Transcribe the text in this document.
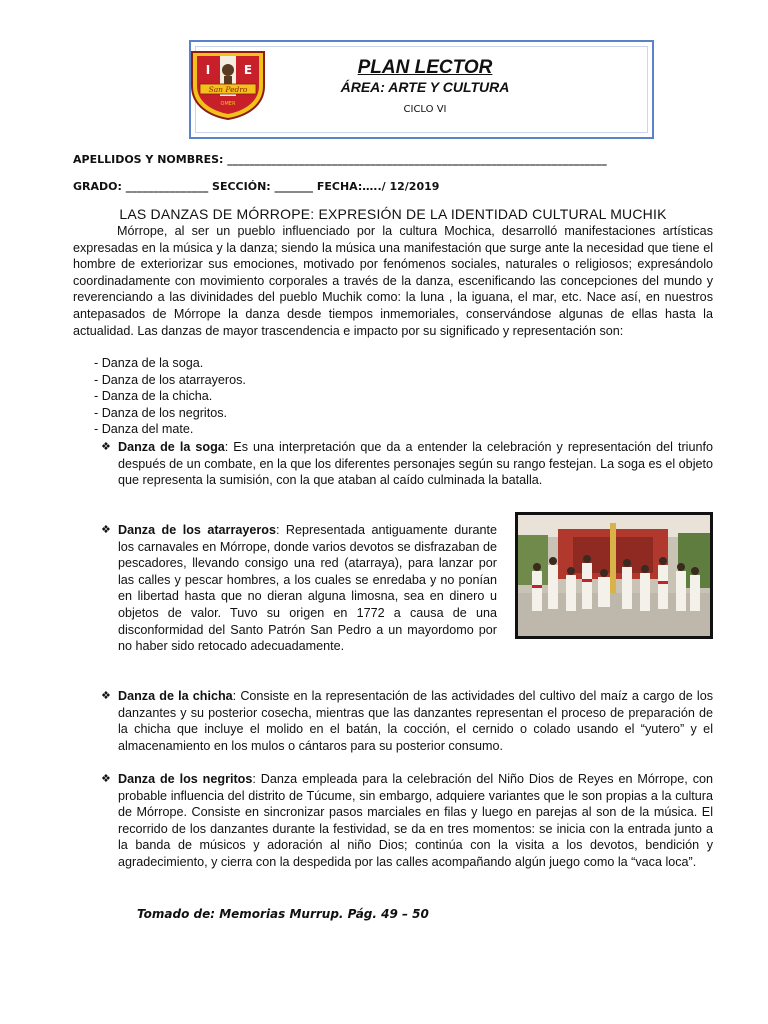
I	E
San Pedro
OMER
PLAN LECTOR
ÁREA: ARTE Y CULTURA
CICLO VI
APELLIDOS Y NOMBRES: _____________________________________________________________________
GRADO: _______________ SECCIÓN: _______ FECHA:…../ 12/2019
LAS DANZAS DE MÓRROPE: EXPRESIÓN DE LA IDENTIDAD CULTURAL MUCHIK

Mórrope, al ser un pueblo influenciado por la cultura Mochica, desarrolló manifestaciones artísticas expresadas en la música y la danza; siendo la música una manifestación que surge ante la necesidad que tiene el hombre de exteriorizar sus emociones, motivado por fenómenos sociales, naturales o religiosos; expresándolo coordinadamente con movimiento corporales a través de la danza, escenificando las concepciones del mundo y reverenciando a las divinidades del pueblo Muchik como: la luna , la iguana, el mar, etc. Nace así, en nuestros antepasados de Mórrope la danza desde tiempos inmemoriales, conservándose algunas de ellas hasta la actualidad. Las danzas de mayor trascendencia e impacto por su significado y representación son:

- Danza de la soga.
- Danza de los atarrayeros.
- Danza de la chicha.
- Danza de los negritos.
- Danza del mate.
❖ Danza de la soga: Es una interpretación que da a entender la celebración y representación del triunfo después de un combate, en la que los diferentes personajes según su rango festejan. La soga es el objeto que representa la sumisión, con la que ataban al caído culminada la batalla.
❖ Danza de los atarrayeros: Representada antiguamente durante los carnavales en Mórrope, donde varios devotos se disfrazaban de pescadores, llevando consigo una red (atarraya), para lanzar por las calles y pescar hombres, a los cuales se enredaba y no ponían en libertad hasta que no dieran alguna limosna, sea en dinero u objetos de valor. Tuvo su origen en 1772 a causa de una disconformidad del Santo Patrón San Pedro a un mayordomo por no haber sido retocado adecuadamente.
❖ Danza de la chicha: Consiste en la representación de las actividades del cultivo del maíz a cargo de los danzantes y su posterior cosecha, mientras que las danzantes representan el proceso de preparación de la chicha que incluye el molido en el batán, la cocción, el cernido o colado usando el “yutero” y el almacenamiento en los mulos o cántaros para su posterior consumo.
❖ Danza de los negritos: Danza empleada para la celebración del Niño Dios de Reyes en Mórrope, con probable influencia del distrito de Túcume, sin embargo, adquiere variantes que le son propias a la cultura de Mórrope. Consiste en sincronizar pasos marciales en filas y luego en parejas al son de la música. El recorrido de los danzantes durante la festividad, se da en tres momentos: se inicia con la entrada junto a la banda de músicos y adoración al niño Dios; continúa con la visita a los devotos, bendición y agradecimiento, y cierra con la despedida por las calles acompañando algún juego como la “vaca loca”.
Tomado de: Memorias Murrup. Pág. 49 – 50
